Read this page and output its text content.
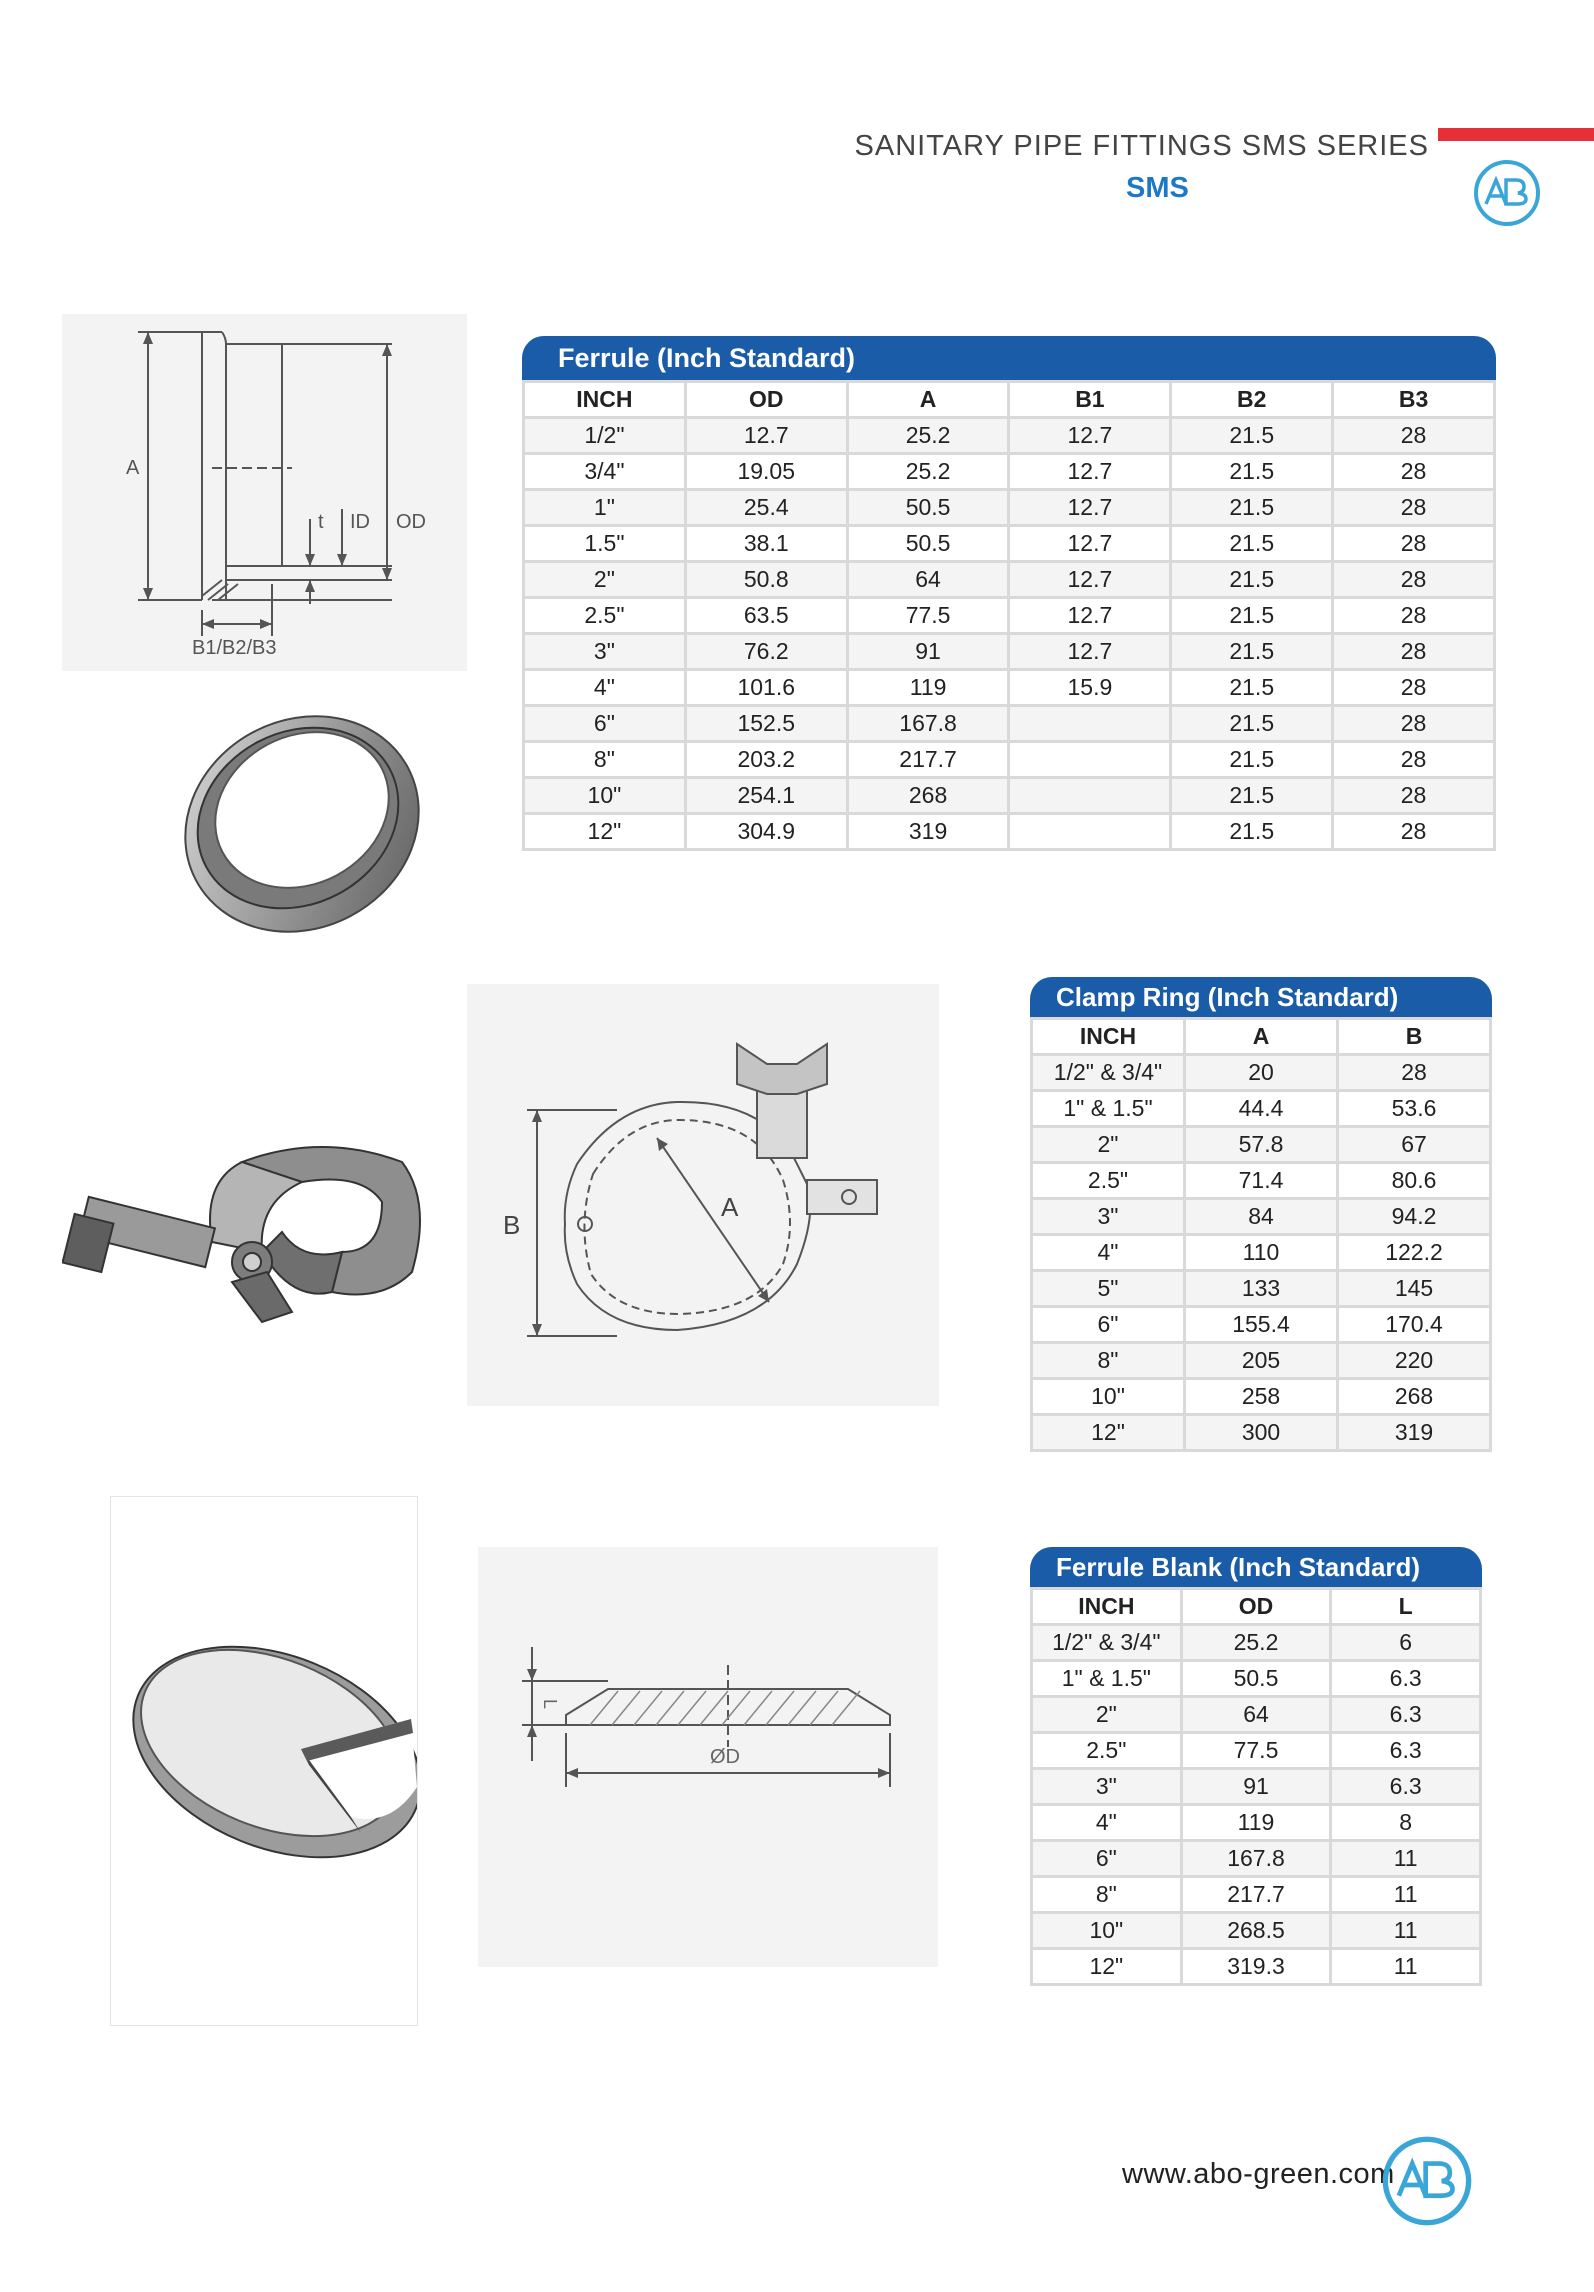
SANITARY PIPE FITTINGS SMS SERIES
SMS
A
t ID OD
B1/B2/B3
Ferrule (Inch Standard)
INCH	OD	A	B1	B2	B3
1/2"	12.7	25.2	12.7	21.5	28
3/4"	19.05	25.2	12.7	21.5	28
1"	25.4	50.5	12.7	21.5	28
1.5"	38.1	50.5	12.7	21.5	28
2"	50.8	64	12.7	21.5	28
2.5"	63.5	77.5	12.7	21.5	28
3"	76.2	91	12.7	21.5	28
4"	101.6	119	15.9	21.5	28
6"	152.5	167.8		21.5	28
8"	203.2	217.7		21.5	28
10"	254.1	268		21.5	28
12"	304.9	319		21.5	28
B
A
Clamp Ring (Inch Standard)
INCH	A	B
1/2" & 3/4"	20	28
1" & 1.5"	44.4	53.6
2"	57.8	67
2.5"	71.4	80.6
3"	84	94.2
4"	110	122.2
5"	133	145
6"	155.4	170.4
8"	205	220
10"	258	268
12"	300	319
L
ØD
Ferrule Blank (Inch Standard)
INCH	OD	L
1/2" & 3/4"	25.2	6
1" & 1.5"	50.5	6.3
2"	64	6.3
2.5"	77.5	6.3
3"	91	6.3
4"	119	8
6"	167.8	11
8"	217.7	11
10"	268.5	11
12"	319.3	11
www.abo-green.com
